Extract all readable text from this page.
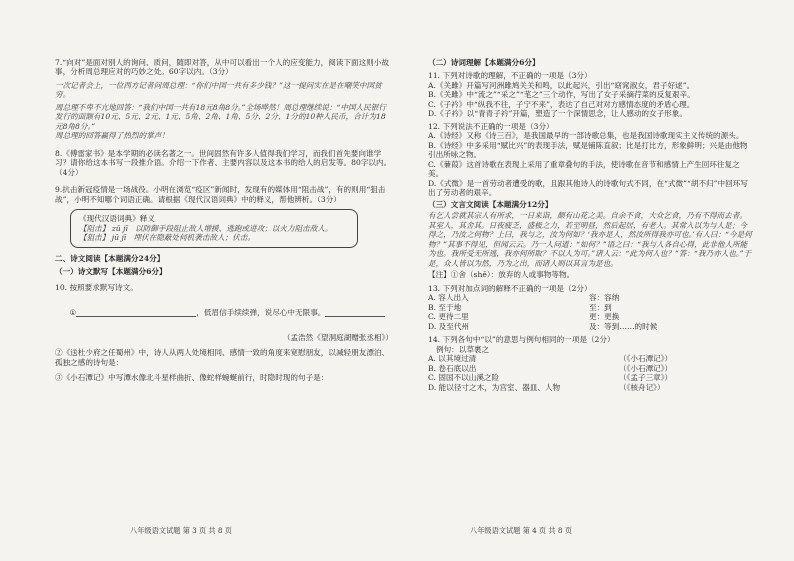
7.“向对”是面对别人的询问、质问，随即对答，从中可以看出一个人的应变能力，阅读下面这则小故事，分析周总理应对的巧妙之处。60字以内。（3分）

一次记者会上，一位西方记者问周总理：“你们中国一共有多少钱？”这一提问实在是在嘲笑中国贫穷。

周总理不卑不亢地回答：“我们中国一共有18元8角8分。”全场哗然！周总理继续说：“中国人民银行发行的面额有10元、5元、2元、1元、5角、2角、1角、5分、2分、1分的10种人民币，合计为18元8角8分。”

周总理的回答赢得了热烈的掌声！

8.《傅雷家书》是本学期的必读名著之一。世间固然有许多人值得我们学习，而我们首先要向谁学习？请你给这本书写一段推介语。介绍一下作者、主要内容以及这本书的给人的启发等。80字以内。（4分）

9.抗击新冠疫情是一场战役。小明在浏览“疫区”新闻时，发现有的媒体用“阻击战”，有的则用“狙击战”，小明不知哪个词语正确。请根据《现代汉语词典》中的释义，帮他辨析。（3分）

《现代汉语词典》释义

【阻击】 zǔ jī   以防御手段阻止敌人增援、逃跑或进攻；以火力阻击敌人。

【狙击】 jū jī   埋伏在隐蔽处伺机袭击敌人；伏击。

二、诗文阅读【本题满分24分】

（一）诗文默写【本题满分6分】

10. 按照要求默写诗文。

①	，低眉信手续续弹，说尽心中无限事。

（孟浩然《望洞庭湖赠张丞相》）

②《送杜少府之任蜀州》中，诗人从两人处境相同、感情一致的角度来宽慰朋友，以减轻朋友漂泊、孤独之感的诗句是：

③《小石潭记》中写潭水像北斗星样曲折、像蛇样蜿蜒前行，时隐时现的句子是：

八年级语文试题 第 3 页 共 8 页

（二）诗词理解【本题满分6分】

11. 下列对诗歌的理解，不正确的一项是（3分）

A.《关雎》开篇写河洲雎鸠关关和鸣，以此起兴，引出“窈窕淑女，君子好逑”。

B.《关雎》中“流之”“采之”“芼之”三个动作，写出了女子采摘荇菜的反复艰辛。

C.《子衿》中“纵我不往，子宁不来”，表达了自己对对方感情态度的矛盾心理。

D.《子衿》以“青青子衿”开篇，塑造了一个深情思念，让人感动的女子形象。

12. 下列说法不正确的一项是（3分）

A.《诗经》又称《诗三百》，是我国最早的一部诗歌总集，也是我国诗歌现实主义传统的源头。

B.《诗经》中多采用“赋比兴”的表现手法，赋是铺陈直叙；比是打比方，形象鲜明；兴是由他物引出所咏之物。

C.《蒹葭》这首诗歌在表现上采用了重章叠句的手法，使诗歌在音节和感情上产生回环往复之美。

D.《式微》是一首劳动者遭受的歌，且跟其他诗人的诗歌句式不同，在“式微”“胡不归”中回环写出了劳动者的艰辛。

（三）文言文阅读【本题满分12分】

有乞人尝就其宗人有所求，一日来诣，颇有山花之美。自余不食，大众乞食，乃有不得而去者。其室人，其舍其。日夜疲乏，盛极之力，若至明昼，然后起居，有老人。其常入以为与人是；今得之，乃汝之何物？上曰，我与之，汝为何如？‘我亦是人，然汝所得我亦可也。’有人曰：“今是何物？”其事不得见，但闻云云。乃一人问道：“如何？”语之曰：“我与人各自心得，此非他人所能为也。我所受无所逃，我亦何所取？不以人为可。”诸人云：“此为何人也？”答：“我乃亦人也。”于是，众人皆以为然，乃为之出，而诸人则以其言为是也。

【注】①舍（shě）：放弃的人或事物等物。

13. 下列对加点词的解释不正确的一项是（2分）

A. 容人出入	容：容纳
B. 至于地	至：到
C. 更待二里	更：更换
D. 及至代州	及：等到……的时候

14. 下列各句中“以”的意思与例句相同的一项是（2分）

例句：以草裹之

A. 以其境过清	（《小石潭记》）
B. 卷石底以出	（《小石潭记》）
C. 固国不以山溪之险	（《孟子三章》）
D. 能以径寸之木，为宫室、器皿、人物	（《核舟记》）
八年级语文试题 第 4 页 共 8 页
